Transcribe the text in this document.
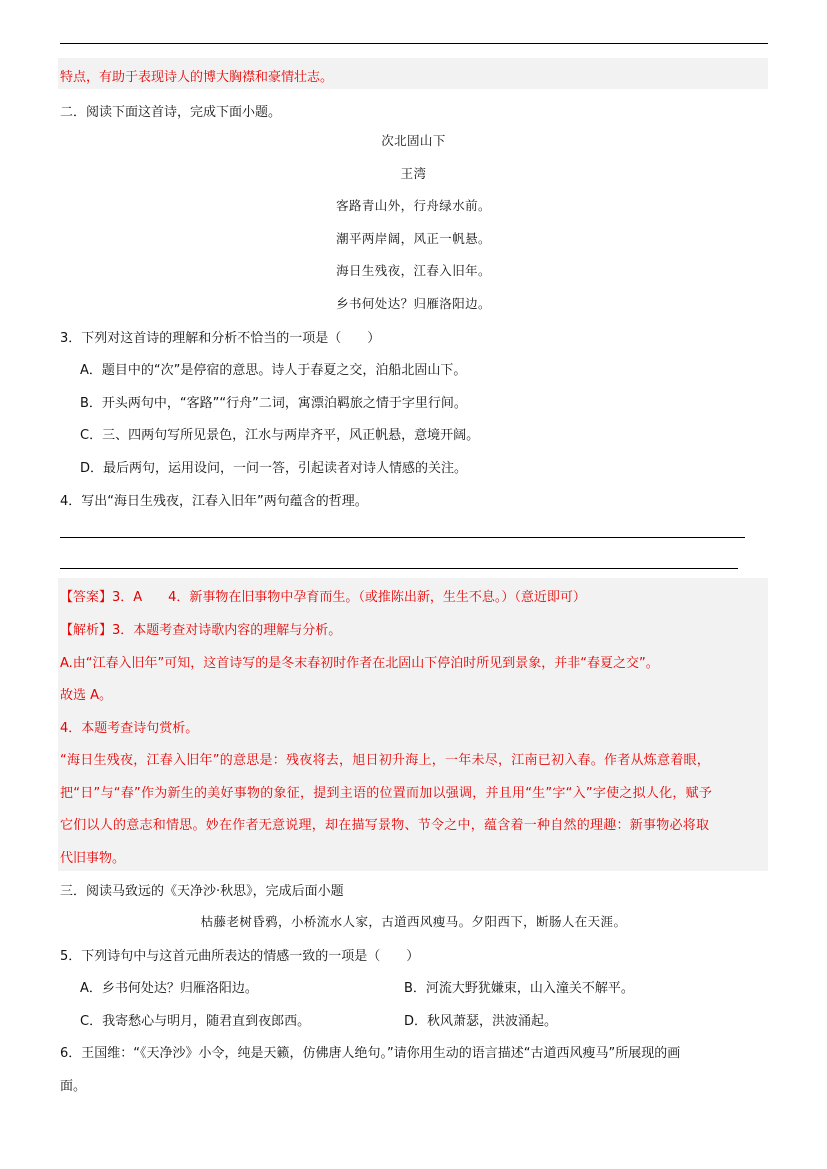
特点，有助于表现诗人的博大胸襟和豪情壮志。
二．阅读下面这首诗，完成下面小题。
次北固山下
王湾
客路青山外，行舟绿水前。
潮平两岸阔，风正一帆悬。
海日生残夜，江春入旧年。
乡书何处达？归雁洛阳边。
3．下列对这首诗的理解和分析不恰当的一项是（　　）
A．题目中的“次”是停宿的意思。诗人于春夏之交，泊船北固山下。
B．开头两句中，“客路”“行舟”二词，寓漂泊羁旅之情于字里行间。
C．三、四两句写所见景色，江水与两岸齐平，风正帆悬，意境开阔。
D．最后两句，运用设问，一问一答，引起读者对诗人情感的关注。
4．写出“海日生残夜，江春入旧年”两句蕴含的哲理。
【答案】3．A　　4．新事物在旧事物中孕育而生。（或推陈出新，生生不息。）（意近即可）
【解析】3．本题考查对诗歌内容的理解与分析。
A.由“江春入旧年”可知，这首诗写的是冬末春初时作者在北固山下停泊时所见到景象，并非“春夏之交”。
故选 A。
4．本题考查诗句赏析。
“海日生残夜，江春入旧年”的意思是：残夜将去，旭日初升海上，一年未尽，江南已初入春。作者从炼意着眼，
把“日”与“春”作为新生的美好事物的象征，提到主语的位置而加以强调，并且用“生”字“入”字使之拟人化，赋予
它们以人的意志和情思。妙在作者无意说理，却在描写景物、节令之中，蕴含着一种自然的理趣：新事物必将取
代旧事物。
三．阅读马致远的《天净沙·秋思》，完成后面小题
枯藤老树昏鸦，小桥流水人家，古道西风瘦马。夕阳西下，断肠人在天涯。
5．下列诗句中与这首元曲所表达的情感一致的一项是（　　）
A．乡书何处达？归雁洛阳边。	B．河流大野犹嫌束，山入潼关不解平。
C．我寄愁心与明月，随君直到夜郎西。	D．秋风萧瑟，洪波涌起。
6．王国维：“《天净沙》小令，纯是天籁，仿佛唐人绝句。”请你用生动的语言描述“古道西风瘦马”所展现的画
面。
